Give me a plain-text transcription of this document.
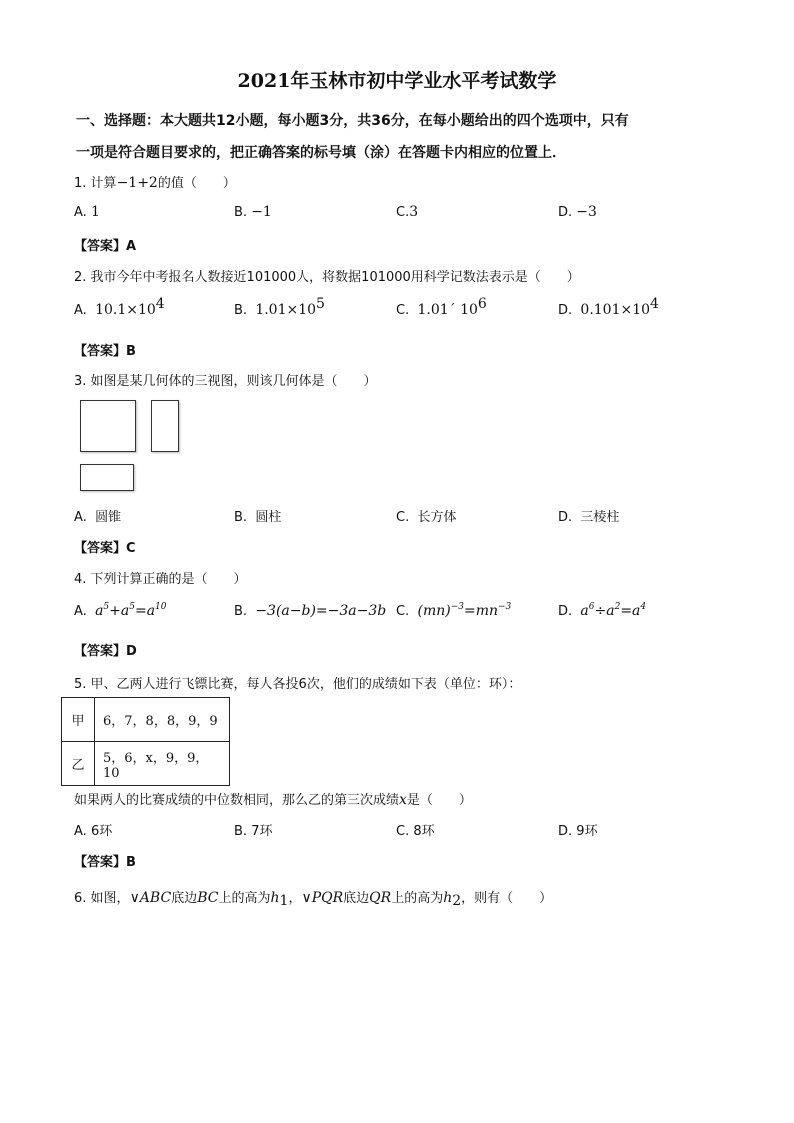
2021年玉林市初中学业水平考试数学
一、选择题：本大题共12小题，每小题3分，共36分，在每小题给出的四个选项中，只有
一项是符合题目要求的，把正确答案的标号填（涂）在答题卡内相应的位置上．
1. 计算−1+2的值（　　）
A. 1	B. −1	C.3	D. −3
【答案】A
2. 我市今年中考报名人数接近101000人，将数据101000用科学记数法表示是（　　）
A. $10.1\times 10^4$	B. $1.01\times 10^5$	C. 1.01´ $10^6$	D. $0.101\times 10^4$
【答案】B
3. 如图是某几何体的三视图，则该几何体是（　　）
A. 圆锥	B. 圆柱	C. 长方体	D. 三棱柱
【答案】C
4. 下列计算正确的是（　　）
A. $a^5+a^5=a^{10}$	B. −3(a−b)=−3a−3b C. $(mn)^{-3}=mn^{-3}$	D. $a^6\div a^2=a^4$
【答案】D
5. 甲、乙两人进行飞镖比赛，每人各投6次，他们的成绩如下表（单位：环）：
甲	6，7，8，8，9，9
乙	5，6，x，9，9，10
如果两人的比赛成绩的中位数相同，那么乙的第三次成绩x是（　　）
A. 6环	B. 7环	C. 8环	D. 9环
【答案】B
6. 如图，∨ABC底边BC上的高为$h_1$，∨PQR底边QR上的高为$h_2$，则有（　　）
